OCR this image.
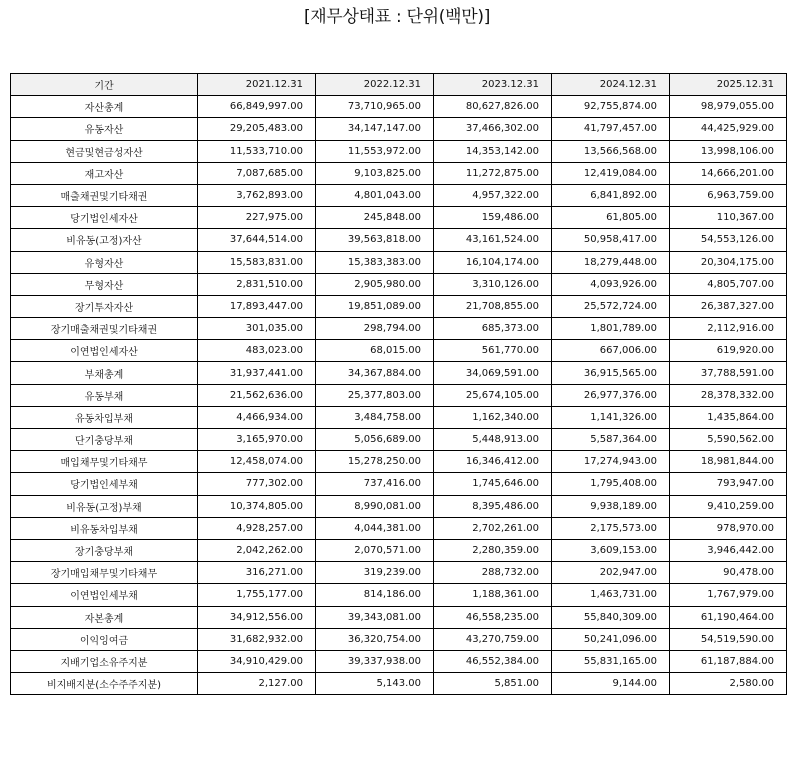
[재무상태표 : 단위(백만)]
기간	2021.12.31	2022.12.31	2023.12.31	2024.12.31	2025.12.31
자산총계	66,849,997.00	73,710,965.00	80,627,826.00	92,755,874.00	98,979,055.00
유동자산	29,205,483.00	34,147,147.00	37,466,302.00	41,797,457.00	44,425,929.00
현금및현금성자산	11,533,710.00	11,553,972.00	14,353,142.00	13,566,568.00	13,998,106.00
재고자산	7,087,685.00	9,103,825.00	11,272,875.00	12,419,084.00	14,666,201.00
매출채권및기타채권	3,762,893.00	4,801,043.00	4,957,322.00	6,841,892.00	6,963,759.00
당기법인세자산	227,975.00	245,848.00	159,486.00	61,805.00	110,367.00
비유동(고정)자산	37,644,514.00	39,563,818.00	43,161,524.00	50,958,417.00	54,553,126.00
유형자산	15,583,831.00	15,383,383.00	16,104,174.00	18,279,448.00	20,304,175.00
무형자산	2,831,510.00	2,905,980.00	3,310,126.00	4,093,926.00	4,805,707.00
장기투자자산	17,893,447.00	19,851,089.00	21,708,855.00	25,572,724.00	26,387,327.00
장기매출채권및기타채권	301,035.00	298,794.00	685,373.00	1,801,789.00	2,112,916.00
이연법인세자산	483,023.00	68,015.00	561,770.00	667,006.00	619,920.00
부채총계	31,937,441.00	34,367,884.00	34,069,591.00	36,915,565.00	37,788,591.00
유동부채	21,562,636.00	25,377,803.00	25,674,105.00	26,977,376.00	28,378,332.00
유동차입부채	4,466,934.00	3,484,758.00	1,162,340.00	1,141,326.00	1,435,864.00
단기충당부채	3,165,970.00	5,056,689.00	5,448,913.00	5,587,364.00	5,590,562.00
매입채무및기타채무	12,458,074.00	15,278,250.00	16,346,412.00	17,274,943.00	18,981,844.00
당기법인세부채	777,302.00	737,416.00	1,745,646.00	1,795,408.00	793,947.00
비유동(고정)부채	10,374,805.00	8,990,081.00	8,395,486.00	9,938,189.00	9,410,259.00
비유동차입부채	4,928,257.00	4,044,381.00	2,702,261.00	2,175,573.00	978,970.00
장기충당부채	2,042,262.00	2,070,571.00	2,280,359.00	3,609,153.00	3,946,442.00
장기매입채무및기타채무	316,271.00	319,239.00	288,732.00	202,947.00	90,478.00
이연법인세부채	1,755,177.00	814,186.00	1,188,361.00	1,463,731.00	1,767,979.00
자본총계	34,912,556.00	39,343,081.00	46,558,235.00	55,840,309.00	61,190,464.00
이익잉여금	31,682,932.00	36,320,754.00	43,270,759.00	50,241,096.00	54,519,590.00
지배기업소유주지분	34,910,429.00	39,337,938.00	46,552,384.00	55,831,165.00	61,187,884.00
비지배지분(소수주주지분)	2,127.00	5,143.00	5,851.00	9,144.00	2,580.00
